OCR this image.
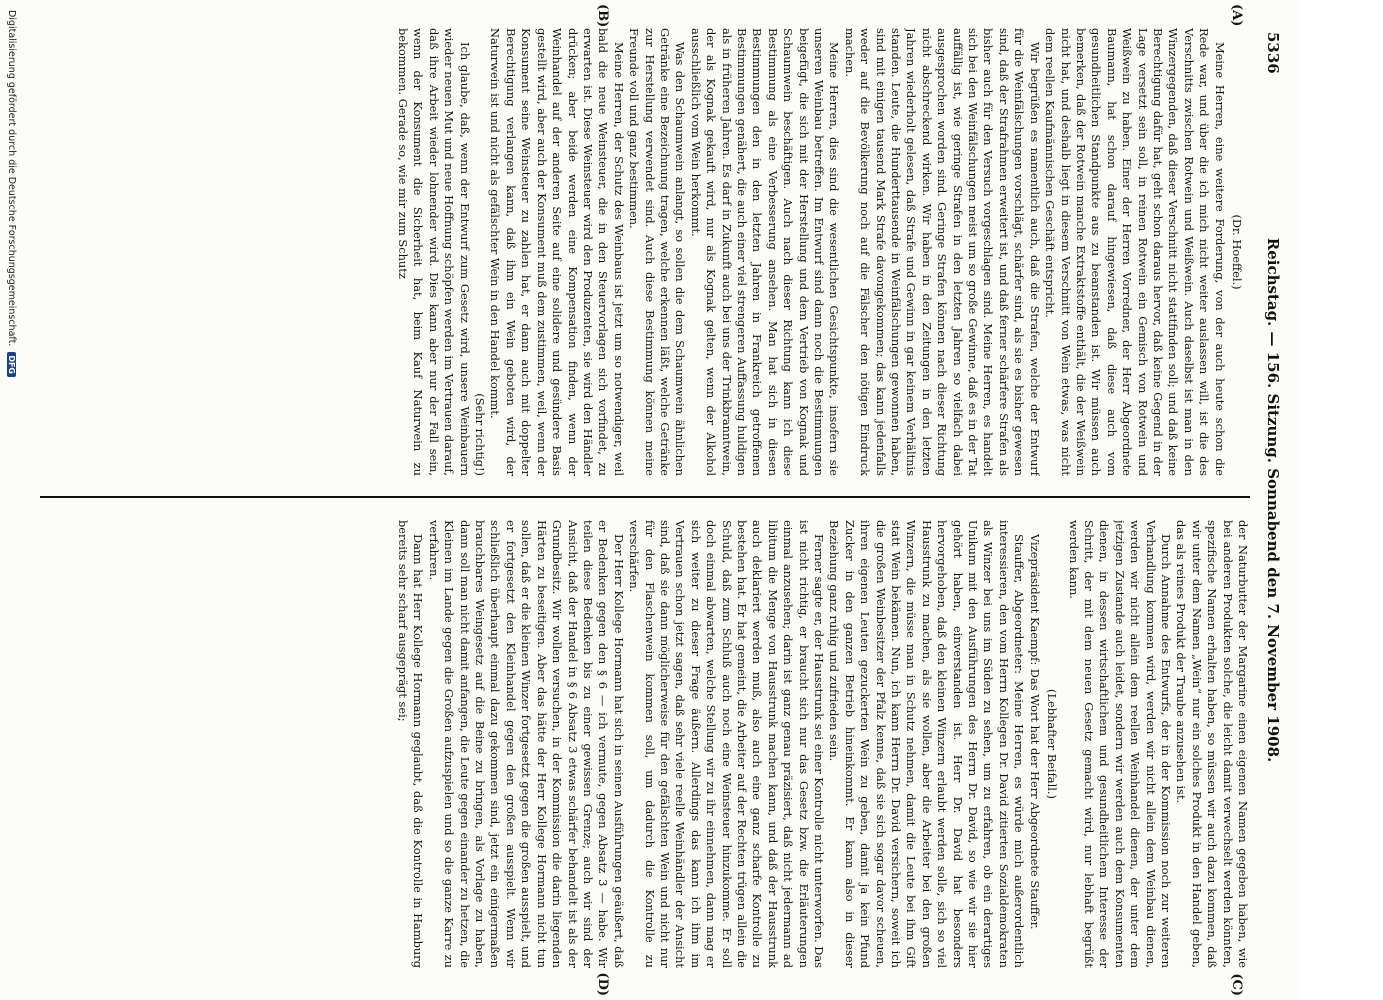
5336
Reichstag. — 156. Sitzung. Sonnabend den 7. November 1908.
(A)
(B)
(C)
(D)

(Dr. Hoeffel.)

Meine Herren, eine weitere Forderung, von der auch heute schon die Rede war, und über die ich mich nicht weiter auslassen will, ist die des Verschnitts zwischen Rotwein und Weißwein. Auch daselbst ist man in den Winzergegenden, daß dieser Verschnitt nicht stattfinden soll; und daß keine Berechtigung dafür hat, geht schon daraus hervor, daß keine Gegend in der Lage versetzt sein soll, in reinen Rotwein ein Gemisch von Rotwein und Weißwein zu haben. Einer der Herren Vorredner, der Herr Abgeordnete Baumann, hat schon darauf hingewiesen, daß diese auch vom gesundheitlichen Standpunkte aus zu beanstanden ist. Wir müssen auch bemerken, daß der Rotwein manche Extraktstoffe enthält, die der Weißwein nicht hat, und deshalb liegt in diesem Verschnitt von Wein etwas, was nicht dem reellen Kaufmännischen Geschäft entspricht.

Wir begrüßen es namentlich auch, daß die Strafen, welche der Entwurf für die Weinfälschungen vorschlägt, schärfer sind, als sie es bisher gewesen sind, daß der Strafrahmen erweitert ist, und daß ferner schärfere Strafen als bisher auch für den Versuch vorgeschlagen sind. Meine Herren, es handelt sich bei den Weinfälschungen meist um so große Gewinne, daß es in der Tat auffällig ist, wie geringe Strafen in den letzten Jahren so vielfach dabei ausgesprochen worden sind. Geringe Strafen können nach dieser Richtung nicht abschreckend wirken. Wir haben in den Zeitungen in den letzten Jahren wiederholt gelesen, daß Strafe und Gewinn in gar keinem Verhältnis standen. Leute, die Hunderttausende in Weinfälschungen gewonnen haben, sind mit einigen tausend Mark Strafe davongekommen; das kann jedenfalls weder auf die Bevölkerung noch auf die Fälscher den nötigen Eindruck machen.

Meine Herren, dies sind die wesentlichen Gesichtspunkte, insofern sie unseren Weinbau betreffen. Im Entwurf sind dann noch die Bestimmungen beigefügt, die sich mit der Herstellung und dem Vertrieb von Kognak und Schaumwein beschäftigen. Auch nach dieser Richtung kann ich diese Bestimmung als eine Verbesserung ansehen. Man hat sich in diesen Bestimmungen den in den letzten Jahren in Frankreich getroffenen Bestimmungen genähert, die auch einer viel strengeren Auffassung huldigen als in früheren Jahren. Es darf in Zukunft auch bei uns der Trinkbranntwein, der als Kognak gekauft wird, nur als Kognak gelten, wenn der Alkohol ausschließlich vom Wein herkommt.

Was den Schaumwein anlangt, so sollen die dem Schaumwein ähnlichen Getränke eine Bezeichnung tragen, welche erkennen läßt, welche Getränke zur Herstellung verwendet sind. Auch diese Bestimmung können meine Freunde voll und ganz bestimmen.

Meine Herren, der Schutz des Weinbaus ist jetzt um so notwendiger, weil bald die neue Weinsteuer, die in den Steuervorlagen sich vorfindet, zu erwarten ist. Diese Weinsteuer wird den Produzenten, sie wird den Händler drücken; aber beide werden eine Kompensation finden, wenn der Weinhandel auf der anderen Seite auf eine solidere und gesündere Basis gestellt wird, aber auch der Konsument muß dem zustimmen, weil, wenn der Konsument seine Weinsteuer zu zahlen hat, er dann auch mit doppelter Berechtigung verlangen kann, daß ihm ein Wein geboten wird, der Naturwein ist und nicht als gefälschter Wein in den Handel kommt.

(Sehr richtig!)

Ich glaube, daß, wenn der Entwurf zum Gesetz wird, unsere Weinbauern wieder neuen Mut und neue Hoffnung schöpfen werden im Vertrauen darauf, daß ihre Arbeit wieder lohnender wird. Dies kann aber nur der Fall sein, wenn der Konsument die Sicherheit hat, beim Kauf Naturwein zu bekommen. Gerade so, wie mir zum Schutz

der Naturbutter der Margarine einen eigenen Namen gegeben haben, wie bei anderen Produkten solche, die leicht damit verwechselt werden könnten, spezifische Namen erhalten haben, so müssen wir auch dazu kommen, daß wir unter dem Namen „Wein“ nur ein solches Produkt in den Handel geben, das als reines Produkt der Traube anzusehen ist.

Durch Annahme des Entwurfs, der in der Kommission noch zur weiteren Verhandlung kommen wird, werden wir nicht allein dem Weinbau dienen, werden wir nicht allein dem reellen Weinhandel dienen, der unter dem jetzigen Zustande auch leidet, sondern wir werden auch dem Konsumenten dienen, in dessen wirtschaftlichem und gesundheitlichem Interesse der Schritt, der mit dem neuen Gesetz gemacht wird, nur lebhaft begrüßt werden kann.

(Lebhafter Beifall.)

Vizepräsident Kaempf: Das Wort hat der Herr Abgeordnete Stauffer.

Stauffer, Abgeordneter: Meine Herren, es würde mich außerordentlich interessieren, den vom Herrn Kollegen Dr. David zitierten Sozialdemokraten als Winzer bei uns im Süden zu sehen, um zu erfahren, ob ein derartiges Unikum mit den Ausführungen des Herrn Dr. David, so wie wir sie hier gehört haben, einverstanden ist. Herr Dr. David hat besonders hervorgehoben, daß den kleinen Winzern erlaubt werden solle, sich so viel Hausstrunk zu machen, als sie wollen, aber die Arbeiter bei den großen Winzern, die müsse man in Schutz nehmen, damit die Leute bei ihm Gift statt Wein bekämen. Nun, ich kann Herrn Dr. David versichern, soweit ich die großen Weinbesitzer der Pfalz kenne, daß sie sich sogar davor scheuen, ihren eigenen Leuten gezuckerten Wein zu geben, damit ja kein Pfund Zucker in den ganzen Betrieb hineinkommt. Er kann also in dieser Beziehung ganz ruhig und zufrieden sein.

Ferner sagte er, der Hausstrunk sei einer Kontrolle nicht unterworfen. Das ist nicht richtig, er braucht sich nur das Gesetz bzw. die Erläuterungen einmal anzusehen; darin ist ganz genau präzisiert, daß nicht jedermann ad libitum die Menge von Hausstrunk machen kann, und daß der Hausstrunk auch deklariert werden muß, also auch eine ganz scharfe Kontrolle zu bestehen hat. Er hat gemeint, die Arbeiter auf der Rechten trügen allein die Schuld, daß zum Schluß auch noch eine Weinsteuer hinzukomme. Er soll doch einmal abwarten, welche Stellung wir zu ihr einnehmen, dann mag er sich weiter zu dieser Frage äußern. Allerdings das kann ich ihm im Vertrauen schon jetzt sagen, daß sehr viele reelle Weinhändler der Ansicht sind, daß sie dann möglicherweise für den gefälschten Wein und nicht nur für den Flaschenwein kommen soll, um dadurch die Kontrolle zu verschärfen.

Der Herr Kollege Hormann hat sich in seinen Ausführungen geäußert, daß er Bedenken gegen den § 6 — ich vermute, gegen Absatz 3 — habe. Wir teilen diese Bedenken bis zu einer gewissen Grenze; auch wir sind der Ansicht, daß der Handel in § 6 Absatz 3 etwas schärfer behandelt ist als der Grundbesitz. Wir wollen versuchen, in der Kommission die darin liegenden Härten zu beseitigen. Aber das hätte der Herr Kollege Hormann nicht tun sollen, daß er die kleinen Winzer fortgesetzt gegen die großen ausspielt, und er fortgesetzt den Kleinhandel gegen den großen ausspielt. Wenn wir schließlich überhaupt einmal dazu gekommen sind, jetzt ein einigermaßen brauchbares Weingesetz auf die Beine zu bringen, als Vorlage zu haben, dann soll man nicht damit anfangen, die Leute gegen einander zu hetzen, die Kleinen im Lande gegen die Großen aufzuspielen und so die ganze Karre zu verfahren.

Dann hat Herr Kollege Hormann geglaubt, daß die Kontrolle in Hamburg bereits sehr scharf ausgeprägt sei;

Digitalisierung gefördert durch die Deutsche Forschungsgemeinschaft.DFG
